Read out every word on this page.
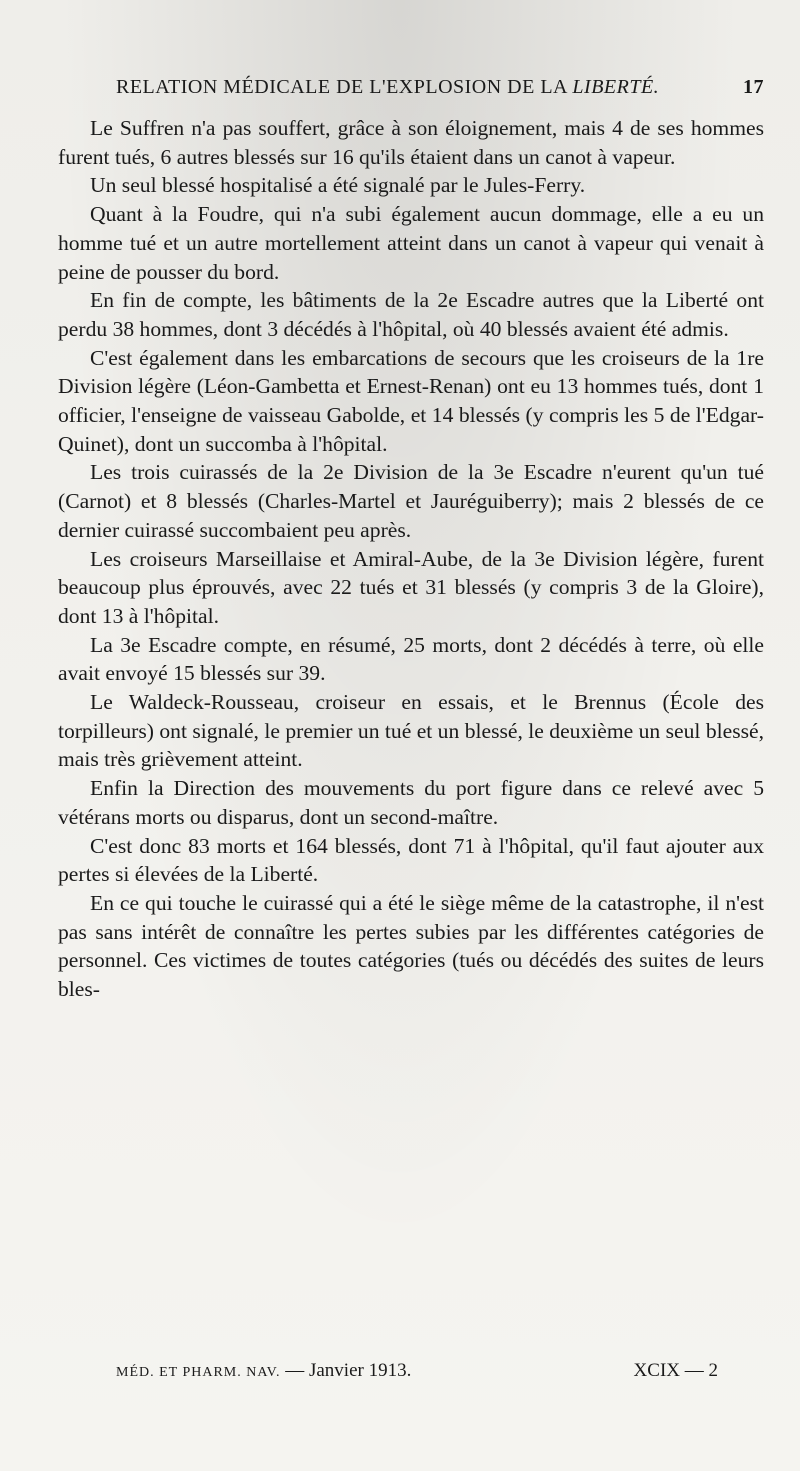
RELATION MÉDICALE DE L'EXPLOSION DE LA LIBERTÉ.	17

Le Suffren n'a pas souffert, grâce à son éloignement, mais 4 de ses hommes furent tués, 6 autres blessés sur 16 qu'ils étaient dans un canot à vapeur.

Un seul blessé hospitalisé a été signalé par le Jules-Ferry.

Quant à la Foudre, qui n'a subi également aucun dommage, elle a eu un homme tué et un autre mortellement atteint dans un canot à vapeur qui venait à peine de pousser du bord.

En fin de compte, les bâtiments de la 2e Escadre autres que la Liberté ont perdu 38 hommes, dont 3 décédés à l'hôpital, où 40 blessés avaient été admis.

C'est également dans les embarcations de secours que les croiseurs de la 1re Division légère (Léon-Gambetta et Ernest-Renan) ont eu 13 hommes tués, dont 1 officier, l'enseigne de vaisseau Gabolde, et 14 blessés (y compris les 5 de l'Edgar-Quinet), dont un succomba à l'hôpital.

Les trois cuirassés de la 2e Division de la 3e Escadre n'eurent qu'un tué (Carnot) et 8 blessés (Charles-Martel et Jauréguiberry); mais 2 blessés de ce dernier cuirassé succombaient peu après.

Les croiseurs Marseillaise et Amiral-Aube, de la 3e Division légère, furent beaucoup plus éprouvés, avec 22 tués et 31 blessés (y compris 3 de la Gloire), dont 13 à l'hôpital.

La 3e Escadre compte, en résumé, 25 morts, dont 2 décédés à terre, où elle avait envoyé 15 blessés sur 39.

Le Waldeck-Rousseau, croiseur en essais, et le Brennus (École des torpilleurs) ont signalé, le premier un tué et un blessé, le deuxième un seul blessé, mais très grièvement atteint.

Enfin la Direction des mouvements du port figure dans ce relevé avec 5 vétérans morts ou disparus, dont un second-maître.

C'est donc 83 morts et 164 blessés, dont 71 à l'hôpital, qu'il faut ajouter aux pertes si élevées de la Liberté.

En ce qui touche le cuirassé qui a été le siège même de la catastrophe, il n'est pas sans intérêt de connaître les pertes subies par les différentes catégories de personnel. Ces victimes de toutes catégories (tués ou décédés des suites de leurs bles-

MÉD. ET PHARM. NAV. — Janvier 1913.	XCIX — 2
